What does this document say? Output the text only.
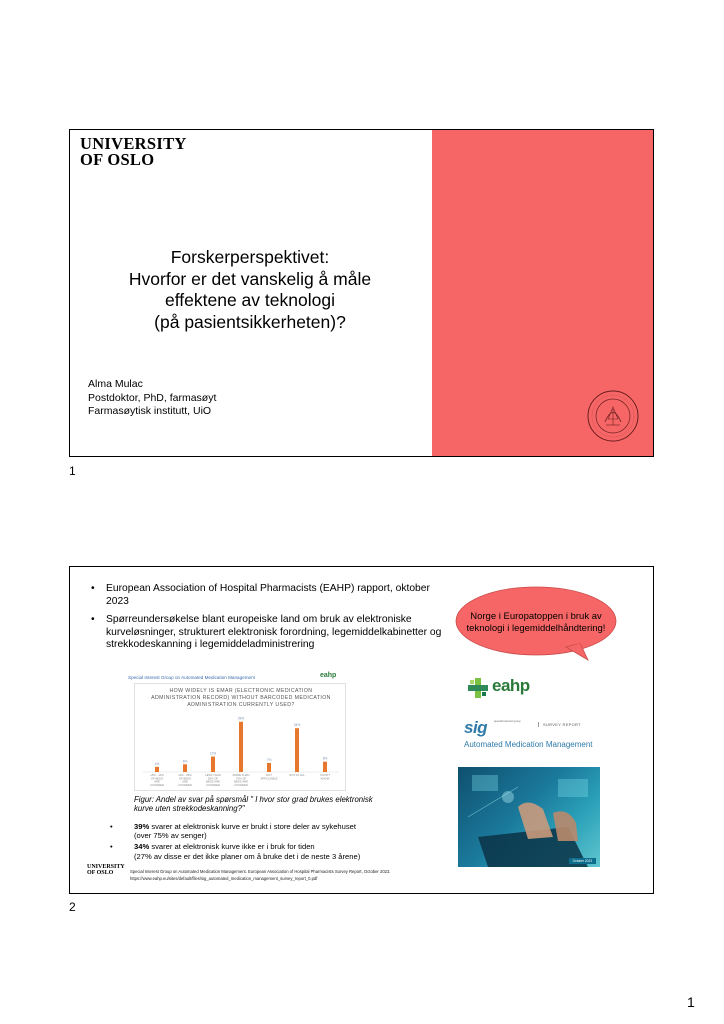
UNIVERSITY
OF OSLO
Forskerperspektivet:
Hvorfor er det vanskelig å måle
effektene av teknologi
(på pasientsikkerheten)?
Alma Mulac
Postdoktor, PhD, farmasøyt
Farmasøytisk institutt, UiO
1
• European Association of Hospital Pharmacists (EAHP) rapport, oktober 2023
• Spørreundersøkelse blant europeiske land om bruk av elektroniske kurveløsninger, strukturert elektronisk forordning, legemiddelkabinetter og strekkodeskanning i legemiddeladministrering
Norge i Europatoppen i bruk av teknologi i legemiddelhåndtering!
Special Interest Group on Automated Medication Management	eahp
HOW WIDELY IS EMAR (ELECTRONIC MEDICATION ADMINISTRATION RECORD) WITHOUT BARCODED MEDICATION ADMINISTRATION CURRENTLY USED?
4%
≤5% - 10% OF BEDS ARE COVERED
6%
11% - 25% OF BEDS ARE COVERED
12%
LESS THAN 50% OF BEDS ARE COVERED
39%
MORE THAN 75% OF BEDS ARE COVERED
7%
NOT APPLICABLE
34%
NOT AT ALL
8%
I DON'T KNOW
Figur: Andel av svar på spørsmål " I hvor stor grad brukes elektronisk kurve uten strekkodeskanning?"
• 39% svarer at elektronisk kurve er brukt i store deler av sykehuset
(over 75% av senger)
• 34% svarer at elektronisk kurve ikke er i bruk for tiden
(27% av disse er det ikke planer om å bruke det i de neste 3 årene)
UNIVERSITY
OF OSLO	Special Interest Group on Automated Medication Management. European Association of Hospital Pharmacists Survey Report, October 2023.
https://www.eahp.eu/sites/default/files/sig_automated_medication_management_survey_report_0.pdf
eahp
sig special interest group
SURVEY REPORT
Automated Medication Management
October 2023
2
1
